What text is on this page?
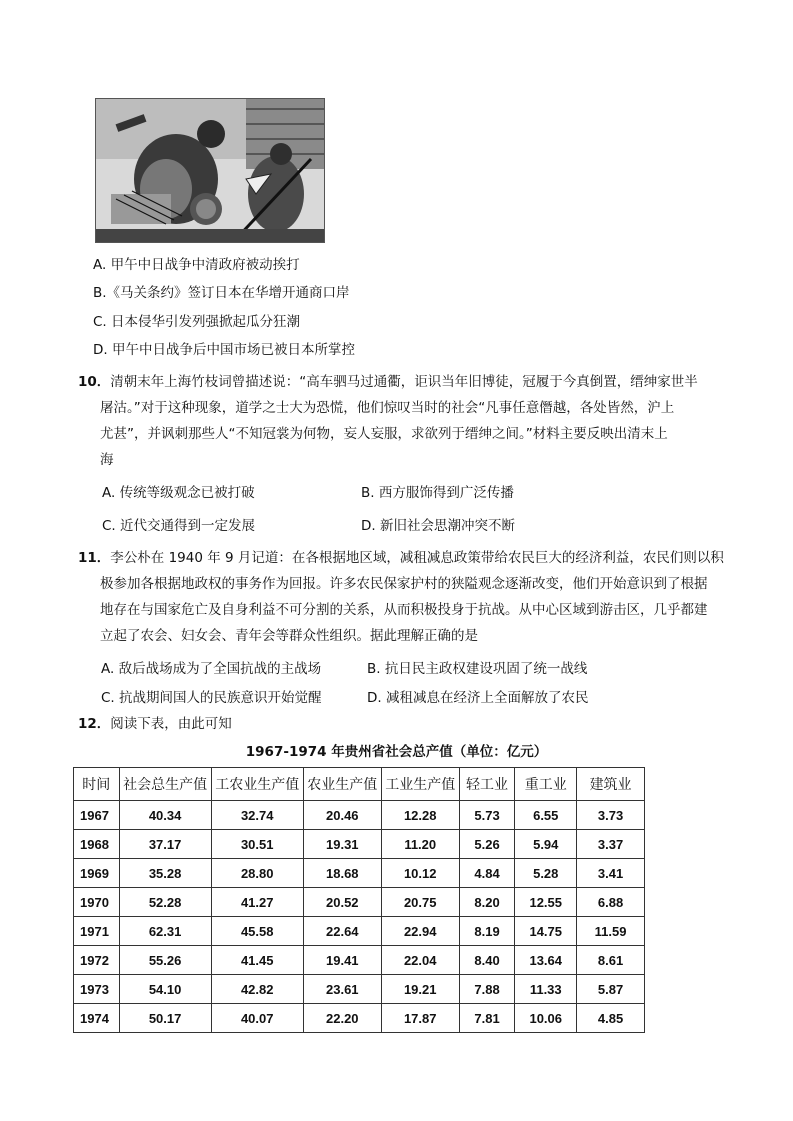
A. 甲午中日战争中清政府被动挨打
B.《马关条约》签订日本在华增开通商口岸
C. 日本侵华引发列强掀起瓜分狂潮
D. 甲午中日战争后中国市场已被日本所掌控
10．清朝末年上海竹枝词曾描述说：“高车驷马过通衢，讵识当年旧博徒，冠履于今真倒置，缙绅家世半
屠沽。”对于这种现象，道学之士大为恐慌，他们惊叹当时的社会“凡事任意僭越，各处皆然，沪上
尤甚”，并讽刺那些人“不知冠裳为何物，妄人妄服，求欲列于缙绅之间。”材料主要反映出清末上
海
A. 传统等级观念已被打破	B. 西方服饰得到广泛传播
C. 近代交通得到一定发展	D. 新旧社会思潮冲突不断
11．李公朴在 1940 年 9 月记道：在各根据地区域，减租减息政策带给农民巨大的经济利益，农民们则以积
极参加各根据地政权的事务作为回报。许多农民保家护村的狭隘观念逐渐改变，他们开始意识到了根据
地存在与国家危亡及自身利益不可分割的关系，从而积极投身于抗战。从中心区域到游击区，几乎都建
立起了农会、妇女会、青年会等群众性组织。据此理解正确的是
A. 敌后战场成为了全国抗战的主战场	B. 抗日民主政权建设巩固了统一战线
C. 抗战期间国人的民族意识开始觉醒	D. 减租减息在经济上全面解放了农民
12．阅读下表，由此可知
1967-1974 年贵州省社会总产值（单位：亿元）
时间	社会总生产值	工农业生产值	农业生产值	工业生产值	轻工业	重工业	建筑业
1967	40.34	32.74	20.46	12.28	5.73	6.55	3.73
1968	37.17	30.51	19.31	11.20	5.26	5.94	3.37
1969	35.28	28.80	18.68	10.12	4.84	5.28	3.41
1970	52.28	41.27	20.52	20.75	8.20	12.55	6.88
1971	62.31	45.58	22.64	22.94	8.19	14.75	11.59
1972	55.26	41.45	19.41	22.04	8.40	13.64	8.61
1973	54.10	42.82	23.61	19.21	7.88	11.33	5.87
1974	50.17	40.07	22.20	17.87	7.81	10.06	4.85
